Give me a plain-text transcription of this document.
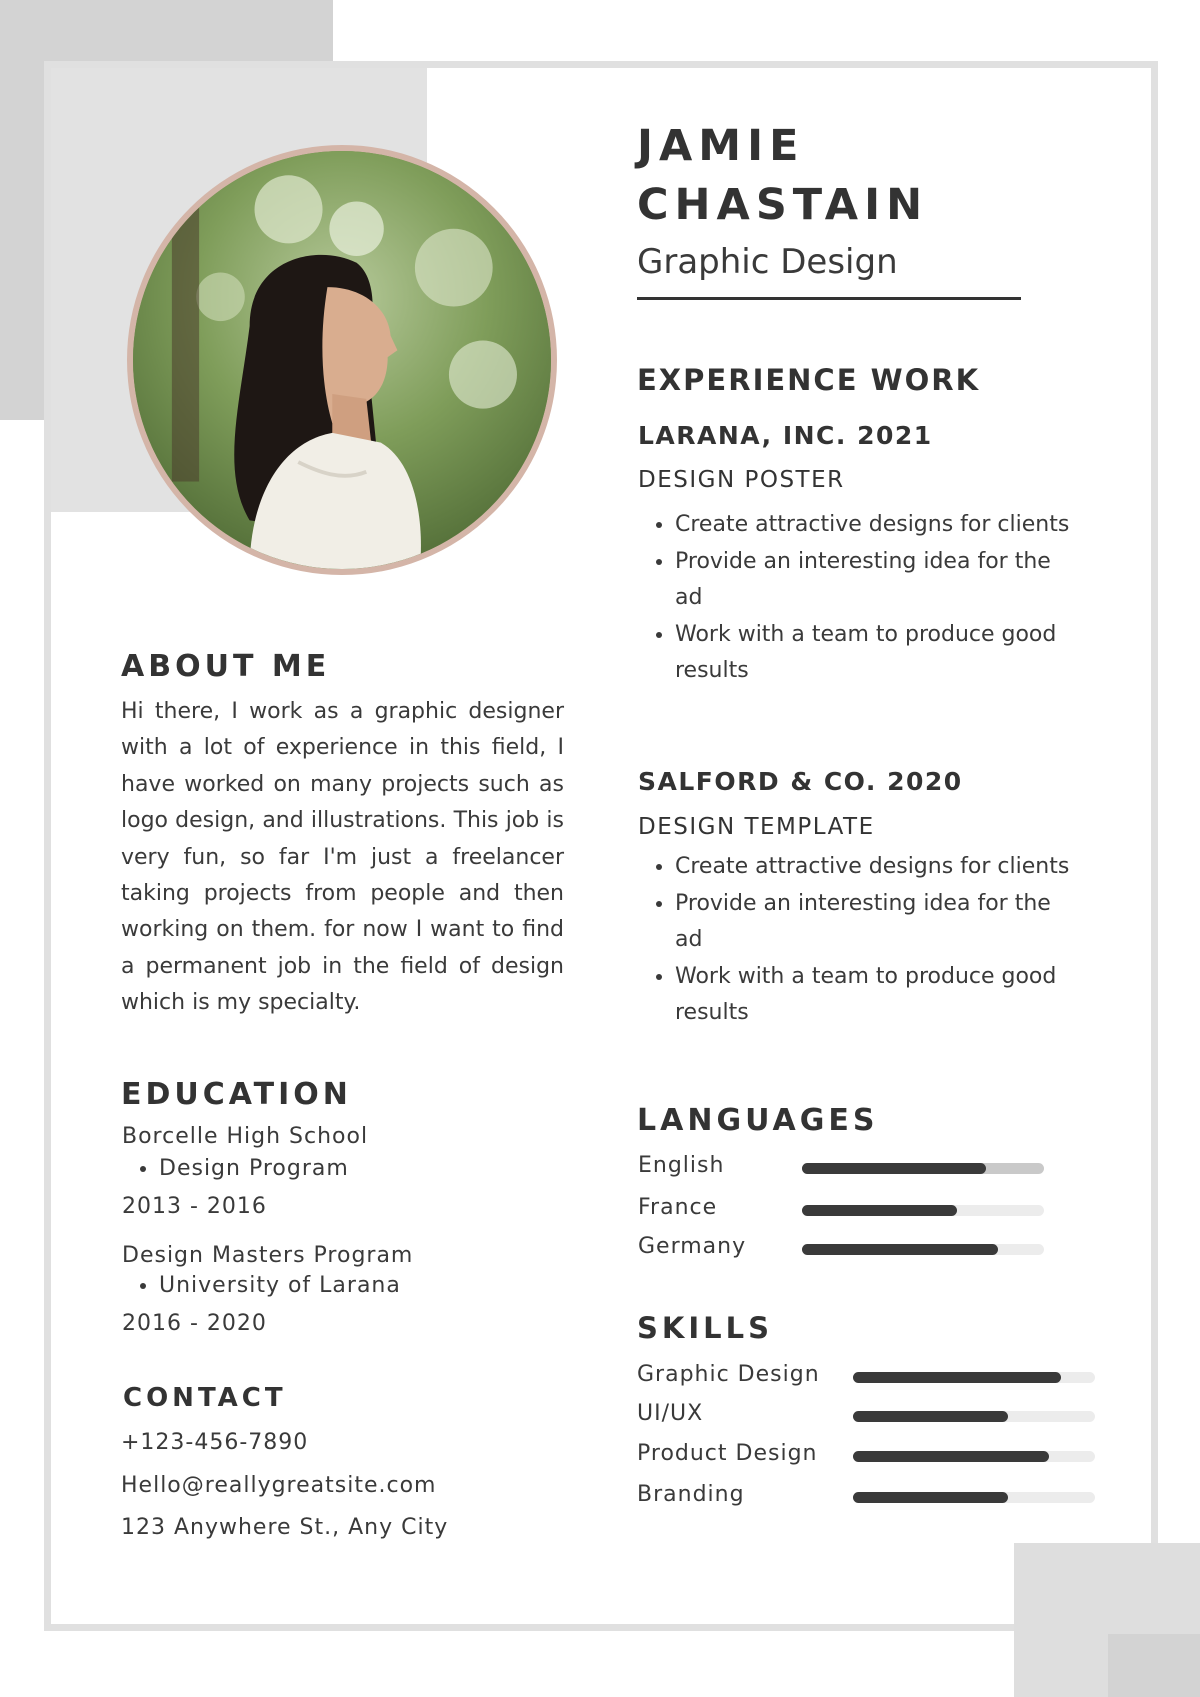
JAMIE
CHASTAIN
Graphic Design
ABOUT ME

Hi there, I work as a graphic designer with a lot of experience in this field, I have worked on many projects such as logo design, and illustrations. This job is very fun, so far I'm just a freelancer taking projects from people and then working on them. for now I want to find a permanent job in the field of design which is my specialty.

EDUCATION
Borcelle High School
• Design Program
2013 - 2016
Design Masters Program
• University of Larana
2016 - 2020
CONTACT
+123-456-7890
Hello@reallygreatsite.com
123 Anywhere St., Any City
EXPERIENCE WORK
LARANA, INC. 2021
DESIGN POSTER
• Create attractive designs for clients
• Provide an interesting idea for the ad
• Work with a team to produce good results
SALFORD & CO. 2020
DESIGN TEMPLATE
• Create attractive designs for clients
• Provide an interesting idea for the ad
• Work with a team to produce good results
LANGUAGES
English
France
Germany
SKILLS
Graphic Design
UI/UX
Product Design
Branding
